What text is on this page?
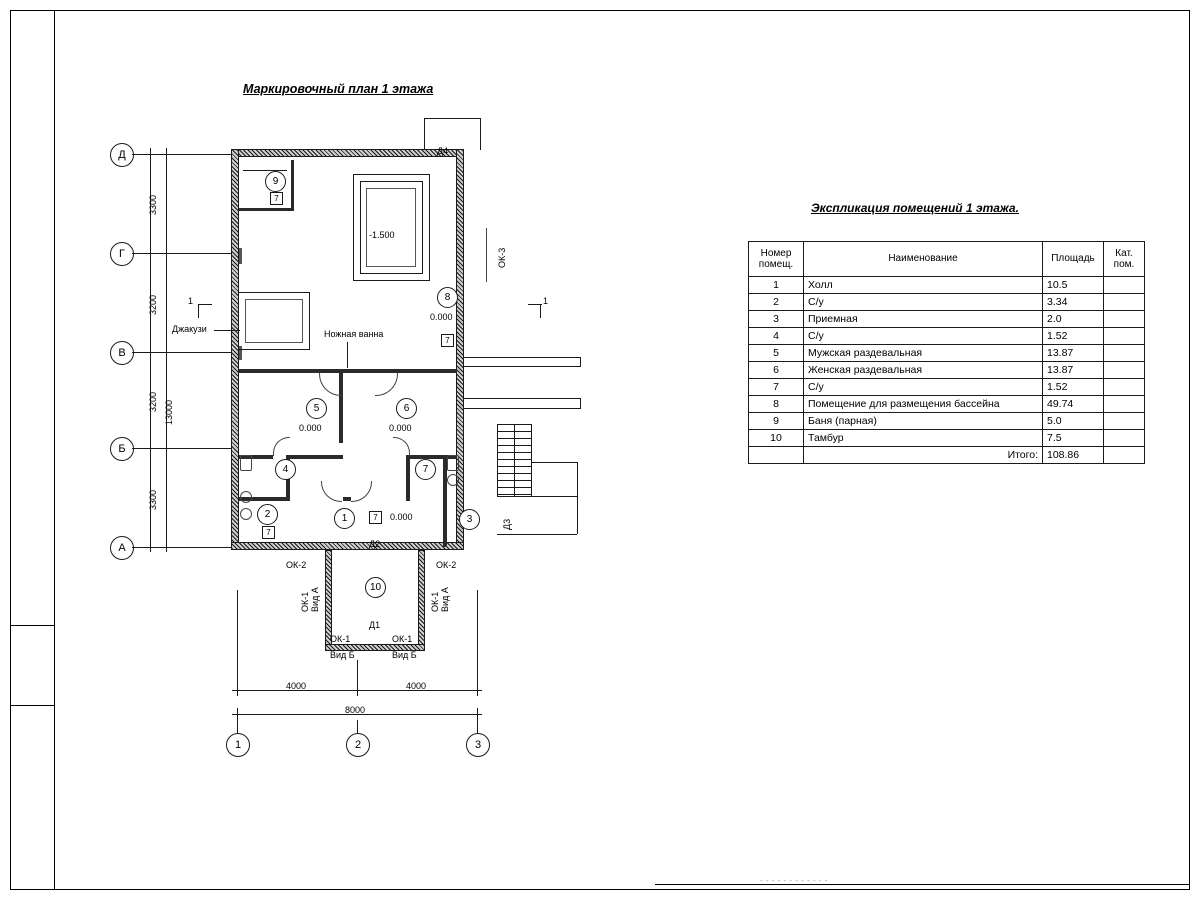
- - - - - - - - - - - -
Маркировочный план 1 этажа
Экспликация помещений 1 этажа.
Д
Г
В
Б
А
3300
3200
3200
3300
13000
Д4
-1.500
Джакузи	Ножная ванна
1	1
9
7
8
0.000
7
5
0.000
6
0.000
4	7
2
7
1	7	0.000	3
10
ОК-3
ОК-2	ОК-2
ОК-1 Вид А	ОК-1 Вид А
ОК-1
Вид Б
ОК-1
Вид Б
Д2
Д1
Д3
4000	4000
8000
1	2	3
Номер
помещ.
	Наименование	Площадь	
Кат.
пом.

1	Холл	10.5	
2	С/у	3.34	
3	Приемная	2.0	
4	С/у	1.52	
5	Мужская раздевальная	13.87	
6	Женская раздевальная	13.87	
7	С/у	1.52	
8	Помещение для размещения бассейна	49.74	
9	Баня (парная)	5.0	
10	Тамбур	7.5	
	Итого:	108.86	
